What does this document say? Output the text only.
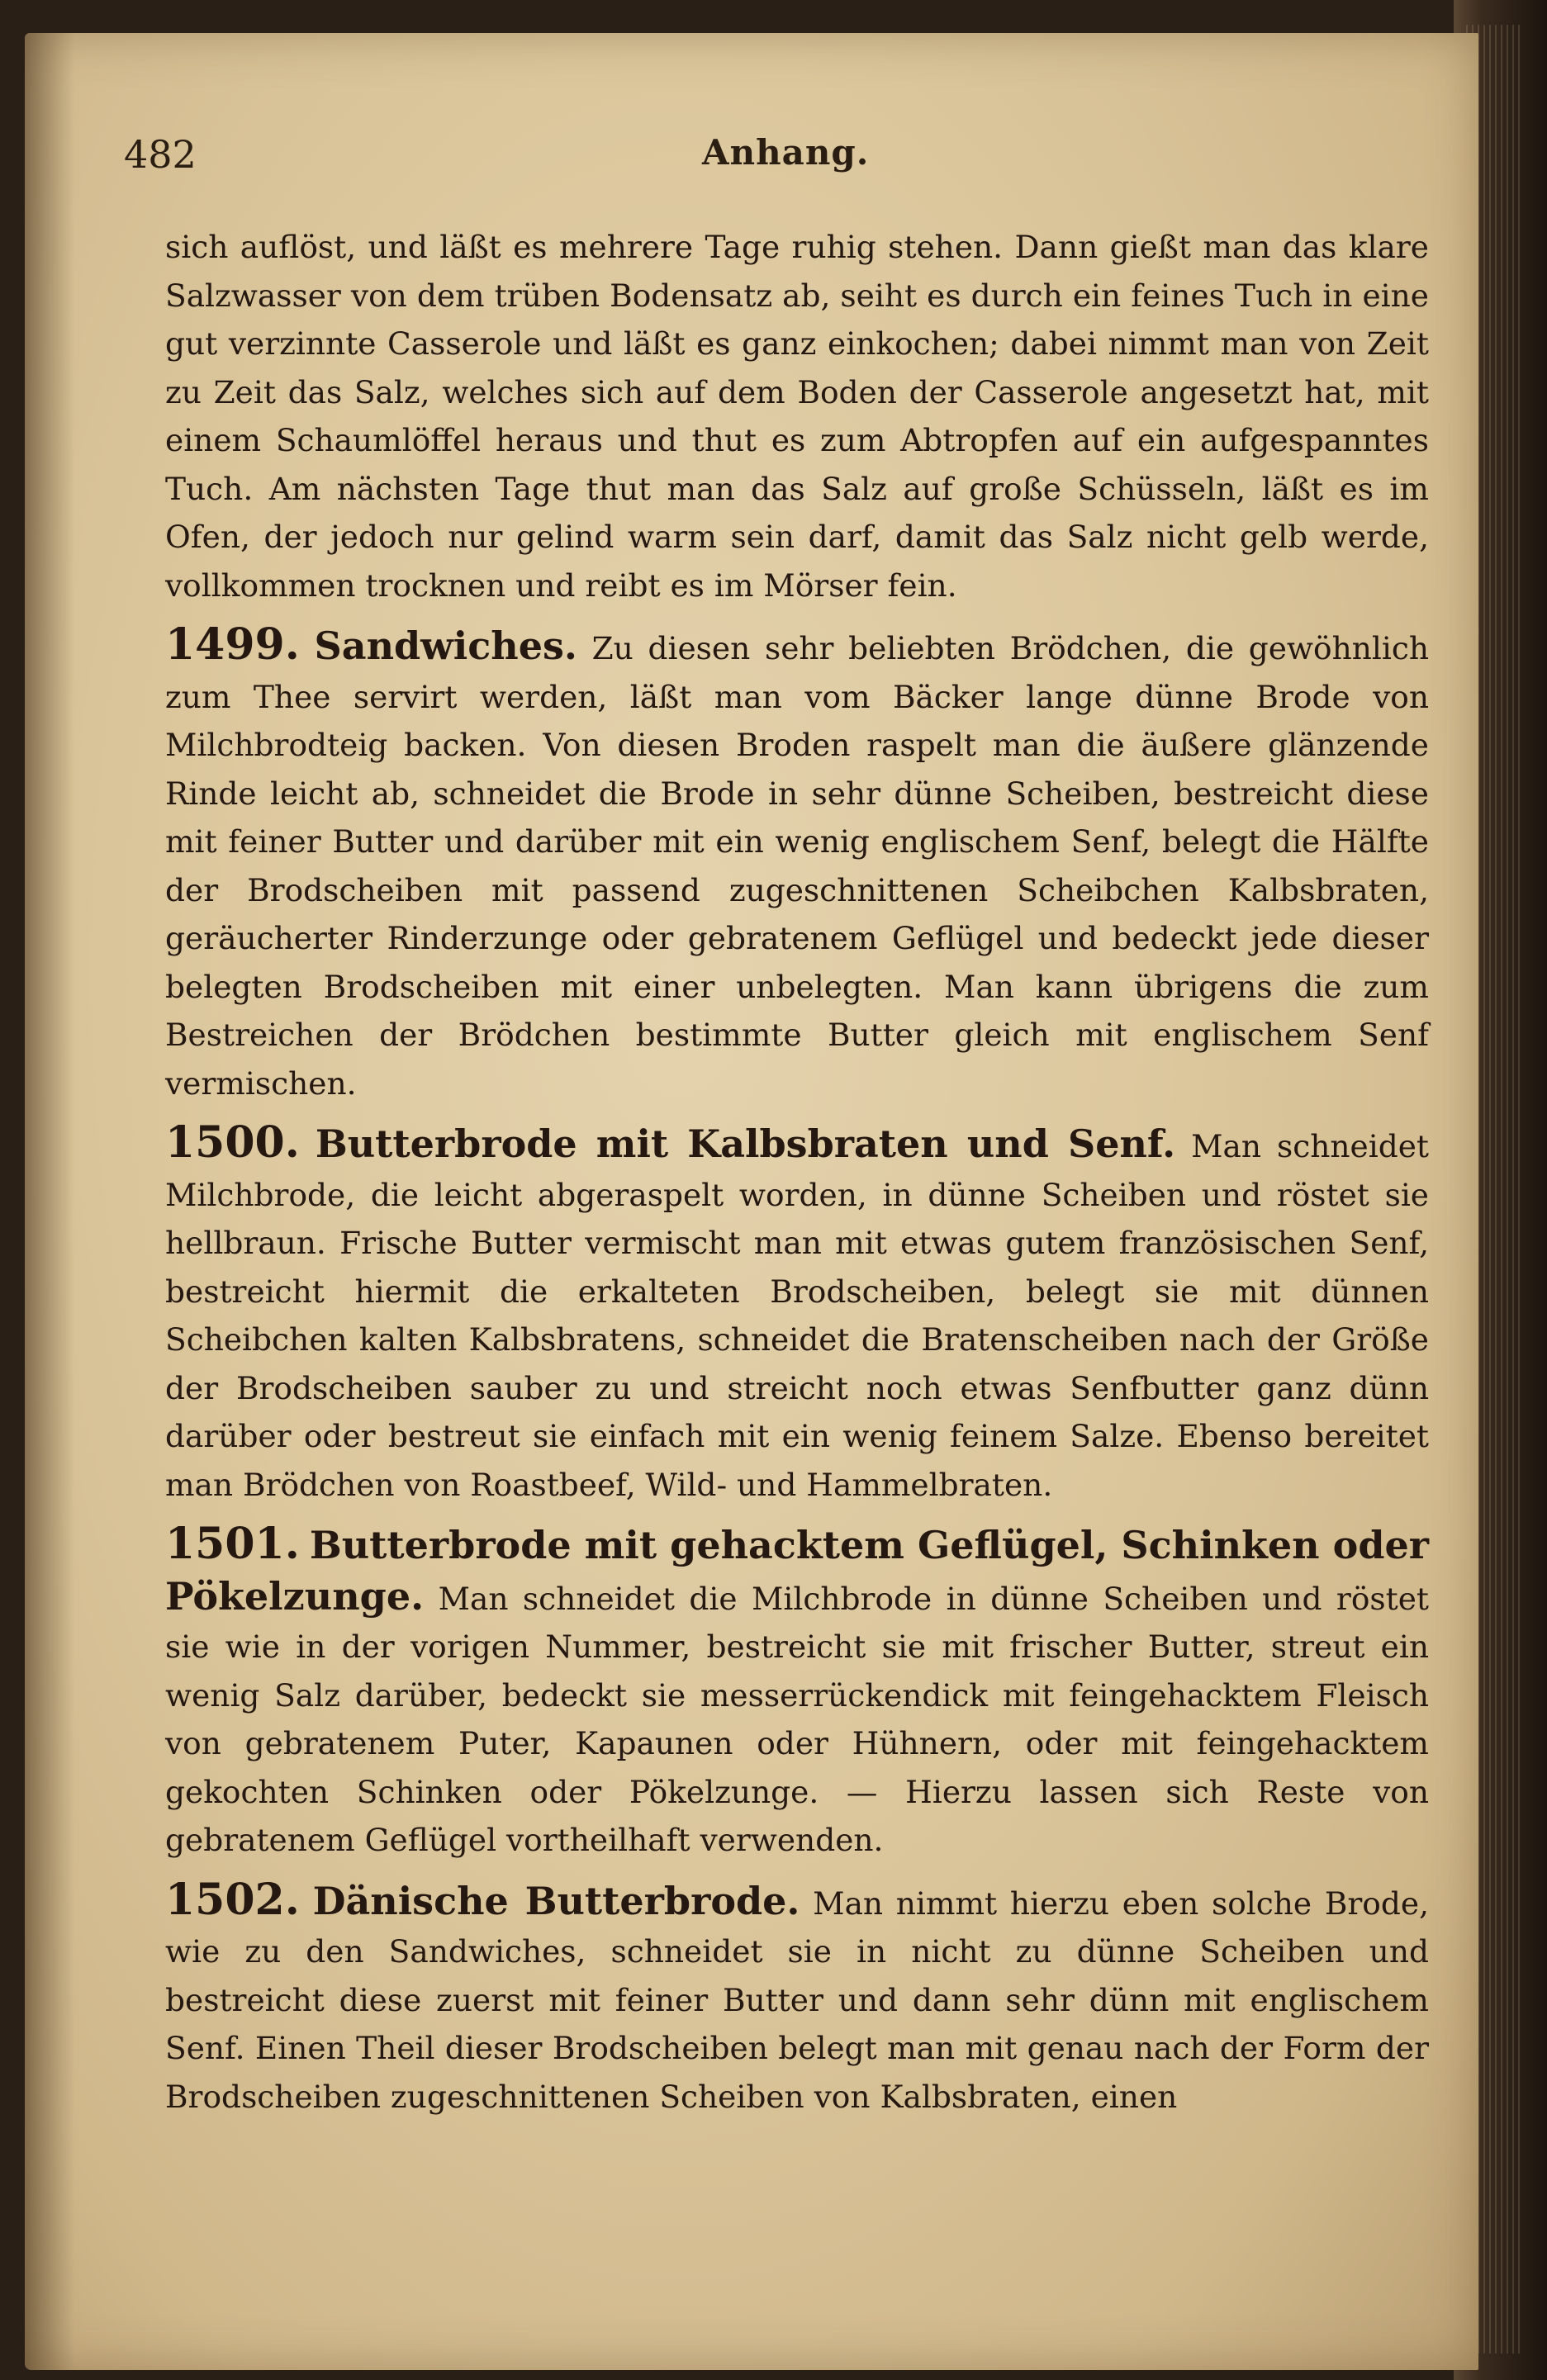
482	Anhang.

sich auflöst, und läßt es mehrere Tage ruhig stehen. Dann gießt man das klare Salzwasser von dem trüben Bodensatz ab, seiht es durch ein feines Tuch in eine gut verzinnte Casserole und läßt es ganz einkochen; dabei nimmt man von Zeit zu Zeit das Salz, welches sich auf dem Boden der Casserole angesetzt hat, mit einem Schaumlöffel heraus und thut es zum Abtropfen auf ein aufgespanntes Tuch. Am nächsten Tage thut man das Salz auf große Schüsseln, läßt es im Ofen, der jedoch nur gelind warm sein darf, damit das Salz nicht gelb werde, vollkommen trocknen und reibt es im Mörser fein.

1499. Sandwiches. Zu diesen sehr beliebten Brödchen, die gewöhnlich zum Thee servirt werden, läßt man vom Bäcker lange dünne Brode von Milchbrodteig backen. Von diesen Broden raspelt man die äußere glänzende Rinde leicht ab, schneidet die Brode in sehr dünne Scheiben, bestreicht diese mit feiner Butter und darüber mit ein wenig englischem Senf, belegt die Hälfte der Brodscheiben mit passend zugeschnittenen Scheibchen Kalbsbraten, geräucherter Rinderzunge oder gebratenem Geflügel und bedeckt jede dieser belegten Brodscheiben mit einer unbelegten. Man kann übrigens die zum Bestreichen der Brödchen bestimmte Butter gleich mit englischem Senf vermischen.

1500. Butterbrode mit Kalbsbraten und Senf. Man schneidet Milchbrode, die leicht abgeraspelt worden, in dünne Scheiben und röstet sie hellbraun. Frische Butter vermischt man mit etwas gutem französischen Senf, bestreicht hiermit die erkalteten Brodscheiben, belegt sie mit dünnen Scheibchen kalten Kalbsbratens, schneidet die Bratenscheiben nach der Größe der Brodscheiben sauber zu und streicht noch etwas Senfbutter ganz dünn darüber oder bestreut sie einfach mit ein wenig feinem Salze. Ebenso bereitet man Brödchen von Roastbeef, Wild- und Hammelbraten.

1501. Butterbrode mit gehacktem Geflügel, Schinken oder Pökelzunge. Man schneidet die Milchbrode in dünne Scheiben und röstet sie wie in der vorigen Nummer, bestreicht sie mit frischer Butter, streut ein wenig Salz darüber, bedeckt sie messerrückendick mit feingehacktem Fleisch von gebratenem Puter, Kapaunen oder Hühnern, oder mit feingehacktem gekochten Schinken oder Pökelzunge. — Hierzu lassen sich Reste von gebratenem Geflügel vortheilhaft verwenden.

1502. Dänische Butterbrode. Man nimmt hierzu eben solche Brode, wie zu den Sandwiches, schneidet sie in nicht zu dünne Scheiben und bestreicht diese zuerst mit feiner Butter und dann sehr dünn mit englischem Senf. Einen Theil dieser Brodscheiben belegt man mit genau nach der Form der Brodscheiben zugeschnittenen Scheiben von Kalbsbraten, einen
